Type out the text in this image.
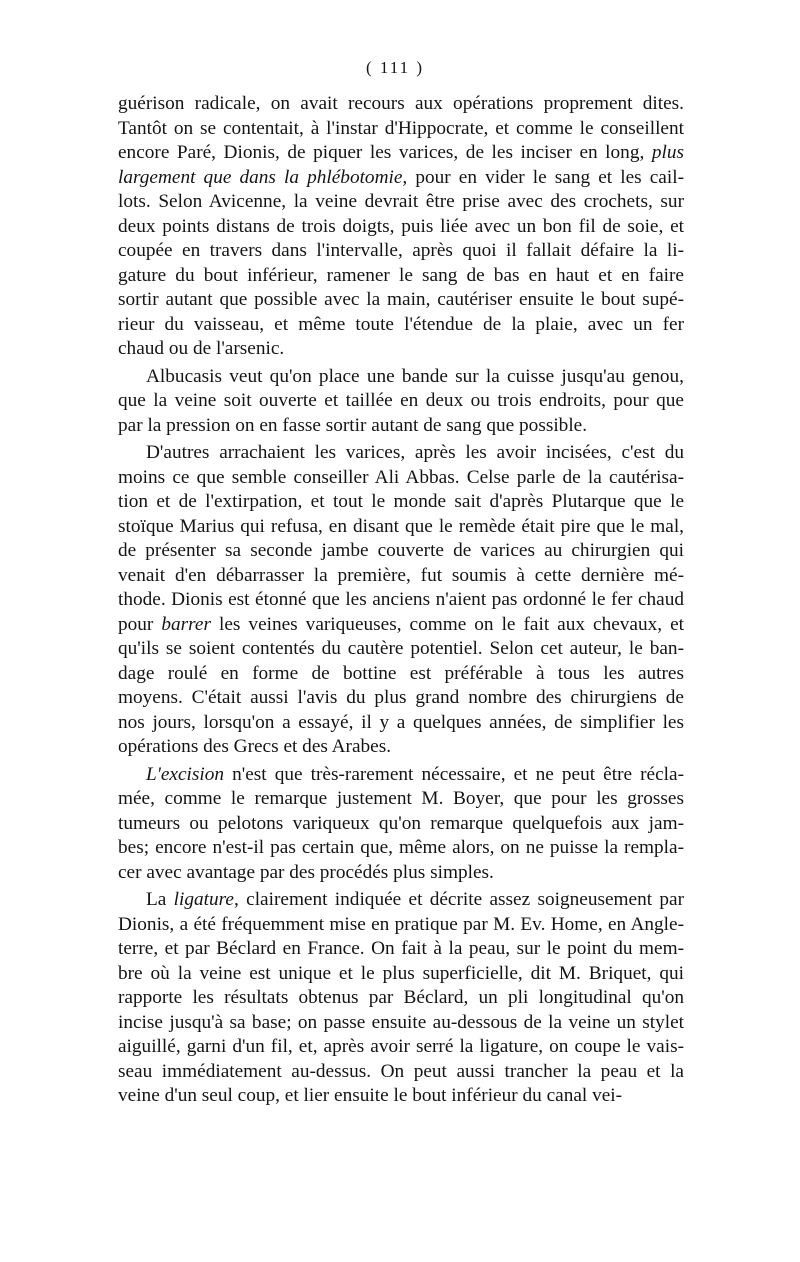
( 111 )
guérison radicale, on avait recours aux opérations proprement dites.
Tantôt on se contentait, à l'instar d'Hippocrate, et comme le conseillent
encore Paré, Dionis, de piquer les varices, de les inciser en long, plus
largement que dans la phlébotomie, pour en vider le sang et les cail-
lots. Selon Avicenne, la veine devrait être prise avec des crochets, sur
deux points distans de trois doigts, puis liée avec un bon fil de soie, et
coupée en travers dans l'intervalle, après quoi il fallait défaire la li-
gature du bout inférieur, ramener le sang de bas en haut et en faire
sortir autant que possible avec la main, cautériser ensuite le bout supé-
rieur du vaisseau, et même toute l'étendue de la plaie, avec un fer
chaud ou de l'arsenic.
Albucasis veut qu'on place une bande sur la cuisse jusqu'au genou,
que la veine soit ouverte et taillée en deux ou trois endroits, pour que
par la pression on en fasse sortir autant de sang que possible.
D'autres arrachaient les varices, après les avoir incisées, c'est du
moins ce que semble conseiller Ali Abbas. Celse parle de la cautérisa-
tion et de l'extirpation, et tout le monde sait d'après Plutarque que le
stoïque Marius qui refusa, en disant que le remède était pire que le mal,
de présenter sa seconde jambe couverte de varices au chirurgien qui
venait d'en débarrasser la première, fut soumis à cette dernière mé-
thode. Dionis est étonné que les anciens n'aient pas ordonné le fer chaud
pour barrer les veines variqueuses, comme on le fait aux chevaux, et
qu'ils se soient contentés du cautère potentiel. Selon cet auteur, le ban-
dage roulé en forme de bottine est préférable à tous les autres
moyens. C'était aussi l'avis du plus grand nombre des chirurgiens de
nos jours, lorsqu'on a essayé, il y a quelques années, de simplifier les
opérations des Grecs et des Arabes.
L'excision n'est que très-rarement nécessaire, et ne peut être récla-
mée, comme le remarque justement M. Boyer, que pour les grosses
tumeurs ou pelotons variqueux qu'on remarque quelquefois aux jam-
bes; encore n'est-il pas certain que, même alors, on ne puisse la rempla-
cer avec avantage par des procédés plus simples.
La ligature, clairement indiquée et décrite assez soigneusement par
Dionis, a été fréquemment mise en pratique par M. Ev. Home, en Angle-
terre, et par Béclard en France. On fait à la peau, sur le point du mem-
bre où la veine est unique et le plus superficielle, dit M. Briquet, qui
rapporte les résultats obtenus par Béclard, un pli longitudinal qu'on
incise jusqu'à sa base; on passe ensuite au-dessous de la veine un stylet
aiguillé, garni d'un fil, et, après avoir serré la ligature, on coupe le vais-
seau immédiatement au-dessus. On peut aussi trancher la peau et la
veine d'un seul coup, et lier ensuite le bout inférieur du canal vei-
